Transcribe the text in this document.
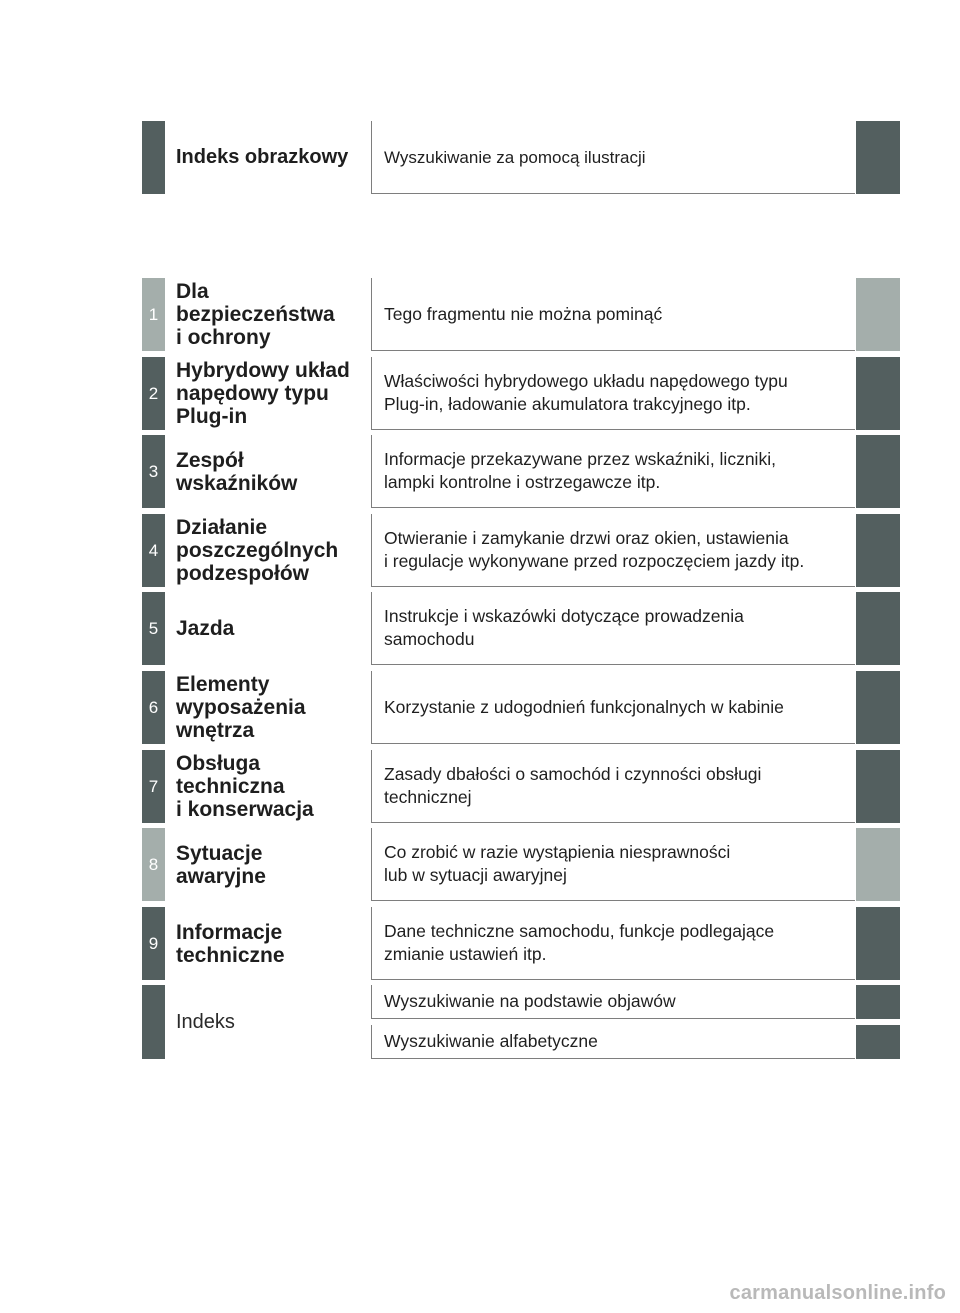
Indeks obrazkowy	Wyszukiwanie za pomocą ilustracji
1
Dla
bezpieczeństwa
i ochrony
Tego fragmentu nie można pominąć
2
Hybrydowy układ
napędowy typu
Plug-in
Właściwości hybrydowego układu napędowego typu
Plug-in, ładowanie akumulatora trakcyjnego itp.
3 Zespół
wskaźników
Informacje przekazywane przez wskaźniki, liczniki,
lampki kontrolne i ostrzegawcze itp.
4
Działanie
poszczególnych
podzespołów
Otwieranie i zamykanie drzwi oraz okien, ustawienia
i regulacje wykonywane przed rozpoczęciem jazdy itp.
5 Jazda
Instrukcje i wskazówki dotyczące prowadzenia
samochodu
6
Elementy
wyposażenia
wnętrza
Korzystanie z udogodnień funkcjonalnych w kabinie
7
Obsługa
techniczna
i konserwacja
Zasady dbałości o samochód i czynności obsługi
technicznej
8 Sytuacje
awaryjne
Co zrobić w razie wystąpienia niesprawności
lub w sytuacji awaryjnej
9 Informacje
techniczne
Dane techniczne samochodu, funkcje podlegające
zmianie ustawień itp.
Indeks
Wyszukiwanie na podstawie objawów
Wyszukiwanie alfabetyczne
carmanualsonline.info
